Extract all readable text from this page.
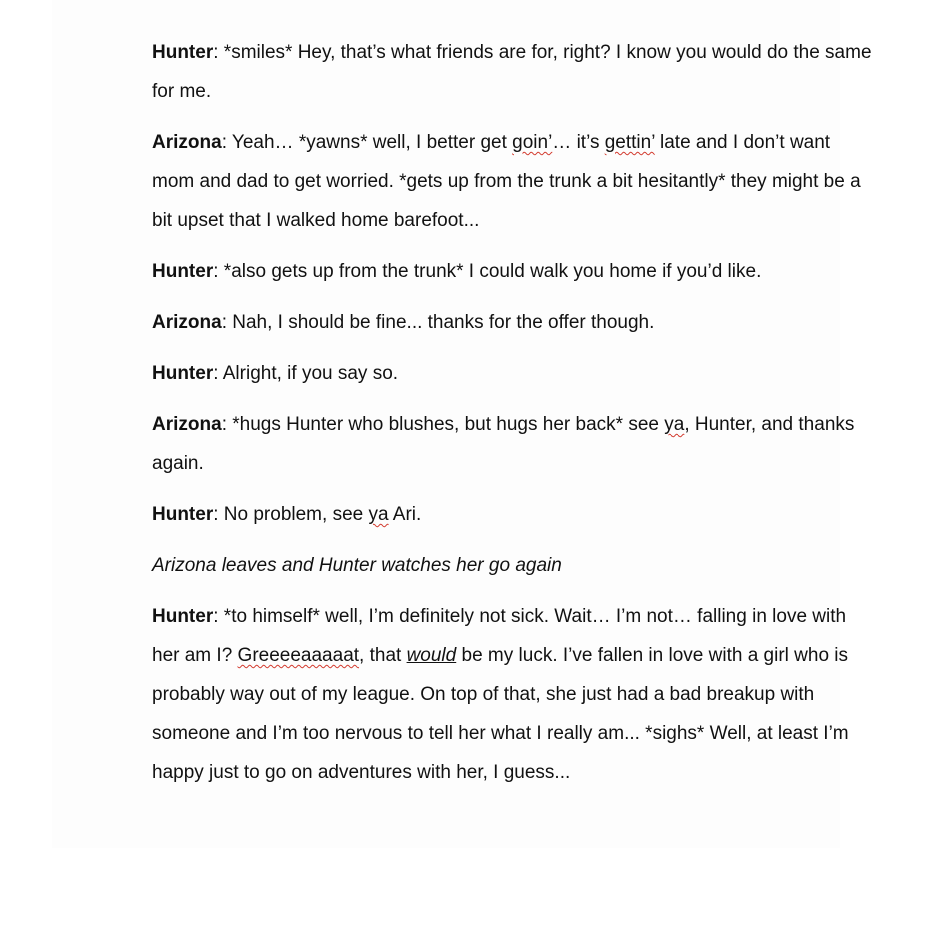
Hunter: *smiles* Hey, that’s what friends are for, right? I know you would do the same for me.

Arizona: Yeah… *yawns* well, I better get goin’… it’s gettin’ late and I don’t want mom and dad to get worried. *gets up from the trunk a bit hesitantly* they might be a bit upset that I walked home barefoot...

Hunter: *also gets up from the trunk* I could walk you home if you’d like.

Arizona: Nah, I should be fine... thanks for the offer though.

Hunter: Alright, if you say so.

Arizona: *hugs Hunter who blushes, but hugs her back* see ya, Hunter, and thanks again.

Hunter: No problem, see ya Ari.

Arizona leaves and Hunter watches her go again

Hunter: *to himself* well, I’m definitely not sick. Wait… I’m not… falling in love with her am I? Greeeeaaaaat, that would be my luck. I’ve fallen in love with a girl who is probably way out of my league. On top of that, she just had a bad breakup with someone and I’m too nervous to tell her what I really am... *sighs* Well, at least I’m happy just to go on adventures with her, I guess...
